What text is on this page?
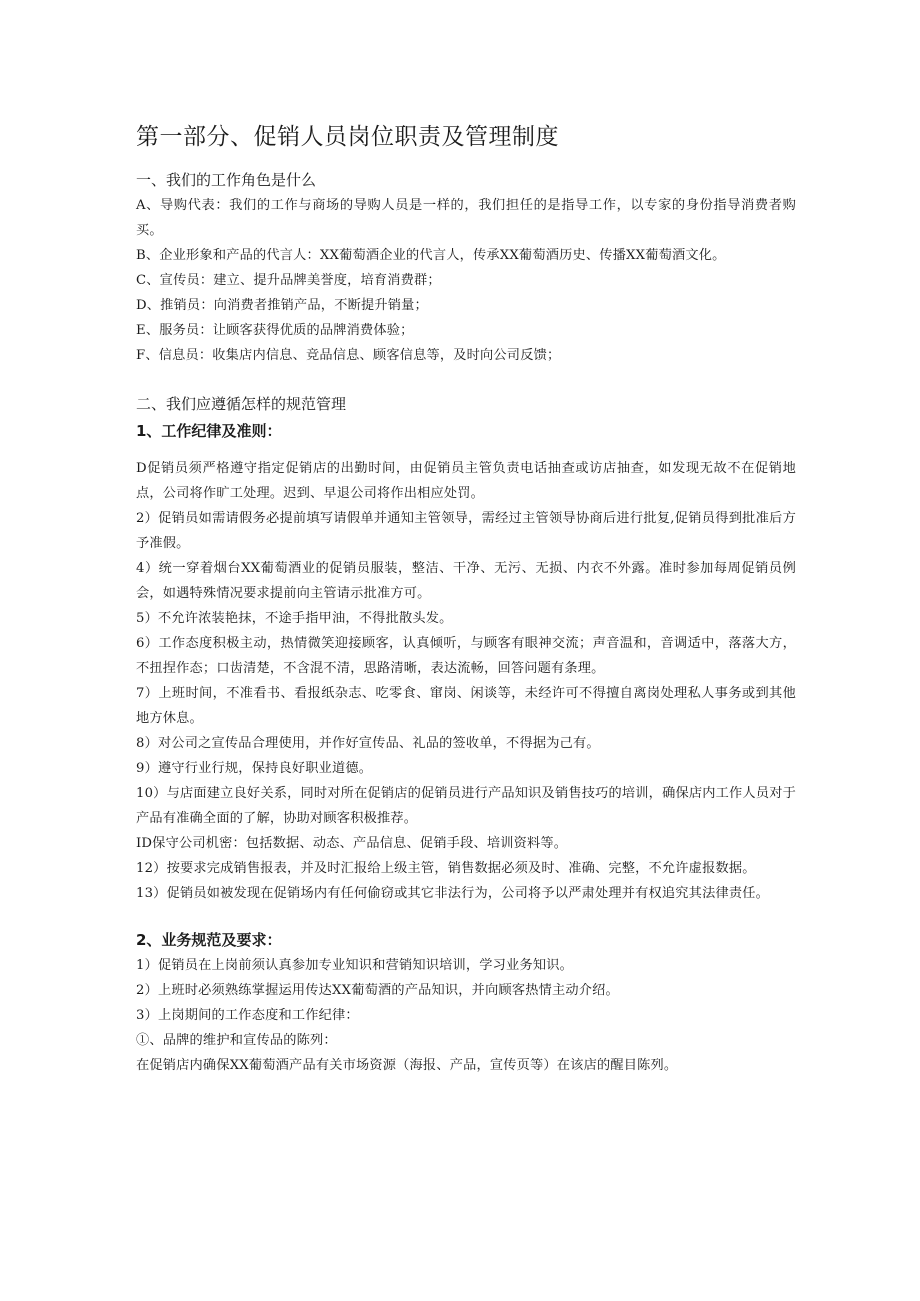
第一部分、促销人员岗位职责及管理制度
一、我们的工作角色是什么

A、导购代表：我们的工作与商场的导购人员是一样的，我们担任的是指导工作，以专家的身份指导消费者购买。

B、企业形象和产品的代言人：XX葡萄酒企业的代言人，传承XX葡萄酒历史、传播XX葡萄酒文化。

C、宣传员：建立、提升品牌美誉度，培育消费群；

D、推销员：向消费者推销产品，不断提升销量；

E、服务员：让顾客获得优质的品牌消费体验；

F、信息员：收集店内信息、竞品信息、顾客信息等，及时向公司反馈；

二、我们应遵循怎样的规范管理
1、工作纪律及准则：

D促销员须严格遵守指定促销店的出勤时间，由促销员主管负责电话抽查或访店抽查，如发现无故不在促销地点，公司将作旷工处理。迟到、早退公司将作出相应处罚。

2）促销员如需请假务必提前填写请假单并通知主管领导，需经过主管领导协商后进行批复,促销员得到批准后方予准假。

4）统一穿着烟台XX葡萄酒业的促销员服装，整洁、干净、无污、无损、内衣不外露。准时参加每周促销员例会，如遇特殊情况要求提前向主管请示批准方可。

5）不允许浓装艳抹，不途手指甲油，不得批散头发。

6）工作态度积极主动，热情微笑迎接顾客，认真倾听，与顾客有眼神交流；声音温和，音调适中，落落大方，不扭捏作态；口齿清楚，不含混不清，思路清晰，表达流畅，回答问题有条理。

7）上班时间，不准看书、看报纸杂志、吃零食、窜岗、闲谈等，未经许可不得擅自离岗处理私人事务或到其他地方休息。

8）对公司之宣传品合理使用，并作好宣传品、礼品的签收单，不得据为己有。

9）遵守行业行规，保持良好职业道德。

10）与店面建立良好关系，同时对所在促销店的促销员进行产品知识及销售技巧的培训，确保店内工作人员对于产品有准确全面的了解，协助对顾客积极推荐。

ID保守公司机密：包括数据、动态、产品信息、促销手段、培训资料等。

12）按要求完成销售报表，并及时汇报给上级主管，销售数据必须及时、准确、完整，不允许虚报数据。

13）促销员如被发现在促销场内有任何偷窃或其它非法行为，公司将予以严肃处理并有权追究其法律责任。

2、业务规范及要求：

1）促销员在上岗前须认真参加专业知识和营销知识培训，学习业务知识。

2）上班时必须熟练掌握运用传达XX葡萄酒的产品知识，并向顾客热情主动介绍。

3）上岗期间的工作态度和工作纪律：

①、品牌的维护和宣传品的陈列：

在促销店内确保XX葡萄酒产品有关市场资源（海报、产品，宣传页等）在该店的醒目陈列。
